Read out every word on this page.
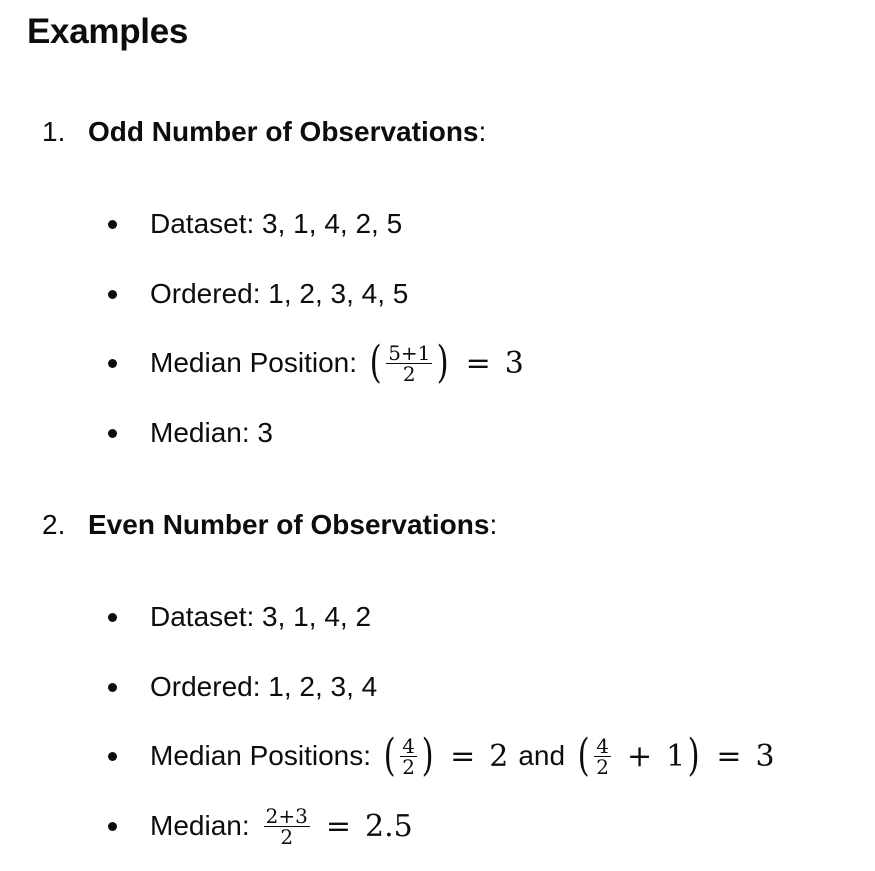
Examples
1. Odd Number of Observations:
Dataset: 3, 1, 4, 2, 5
Ordered: 1, 2, 3, 4, 5
Median Position: ( $\frac{5+1}{2}$ ) = 3
Median: 3
2. Even Number of Observations:
Dataset: 3, 1, 4, 2
Ordered: 1, 2, 3, 4
Median Positions: ( $\frac{4}{2}$ ) = 2 and ( $\frac{4}{2} + 1$ ) = 3
Median: $\frac{2+3}{2} = 2.5$
